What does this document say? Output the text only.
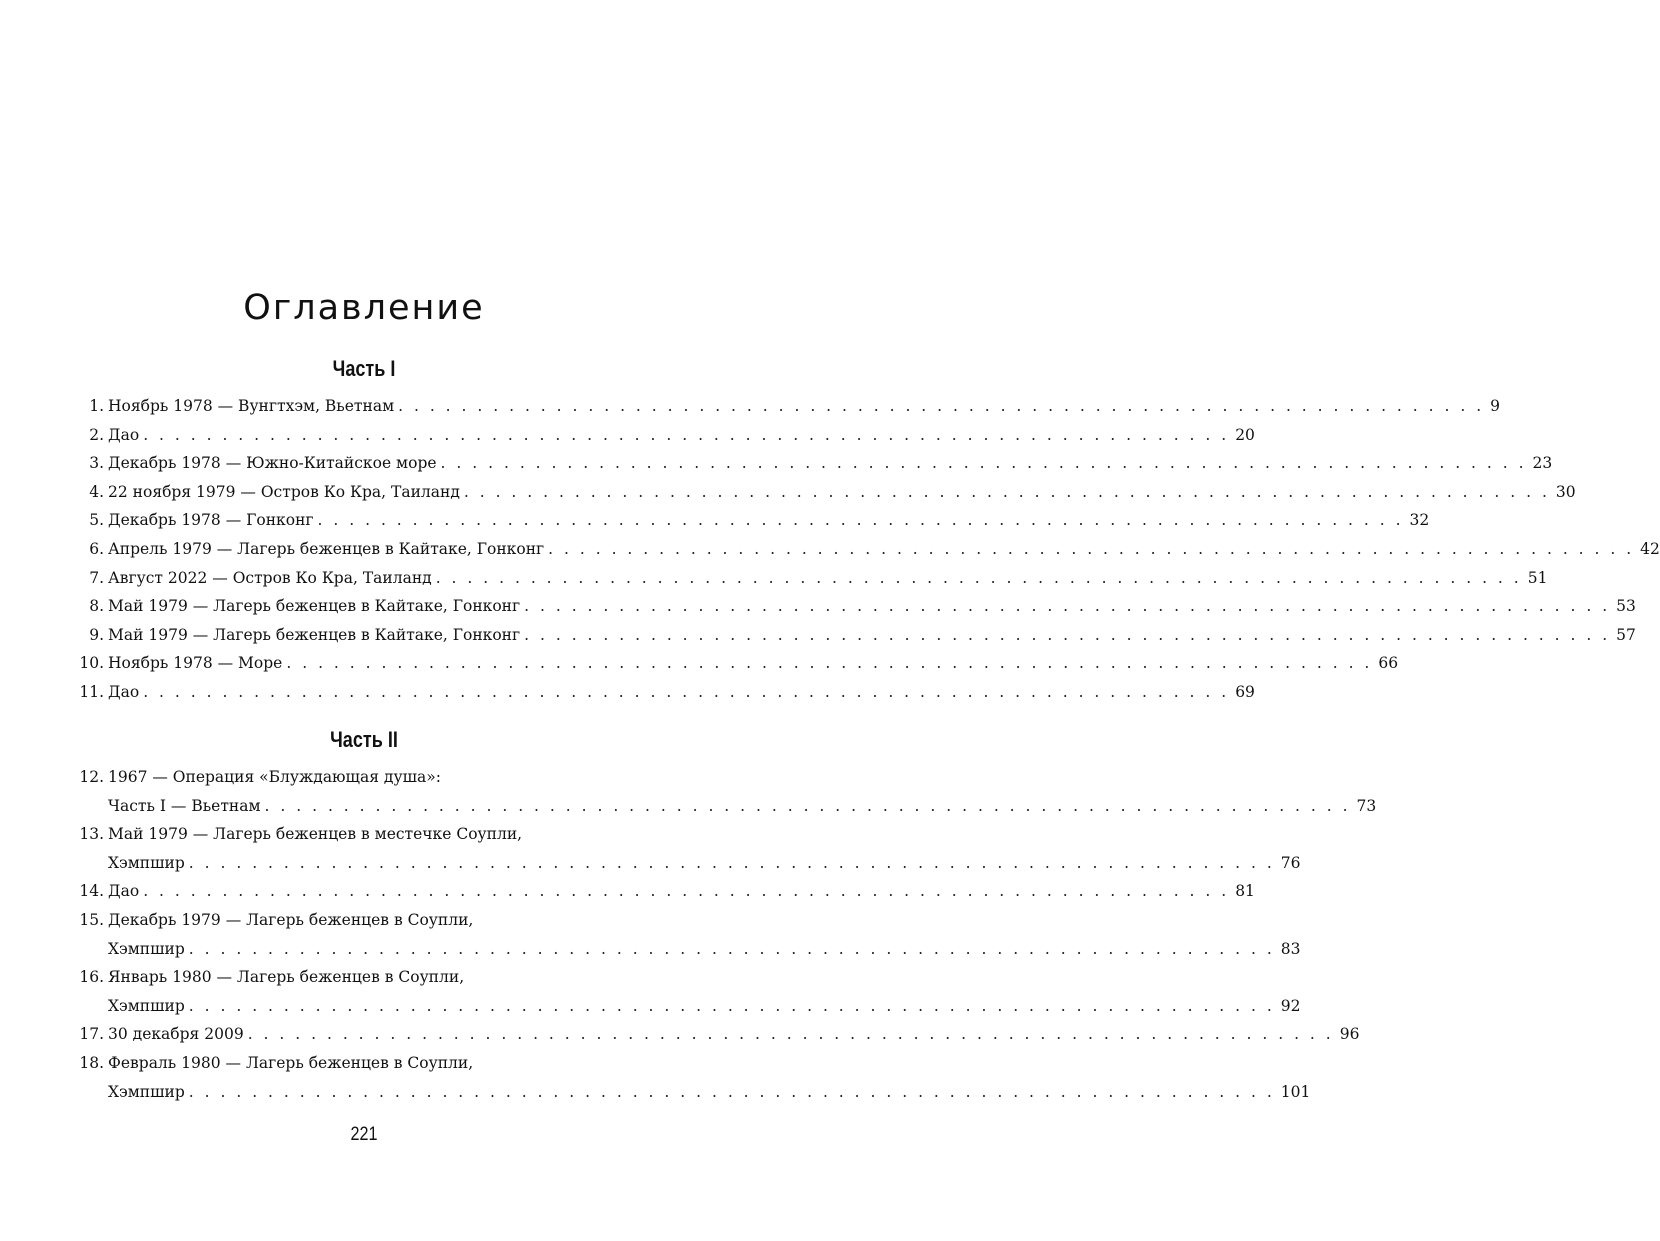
Оглавление
Часть I
1. Ноябрь 1978 — Вунгтхэм, Вьетнам . . . . . . . . . . . . . . . . . . . . . . . . . . . . . . . . . . . . . . . . . . . . . . . . . . . . . . . . . . . . . . . . . . . . . 9
2. Дао . . . . . . . . . . . . . . . . . . . . . . . . . . . . . . . . . . . . . . . . . . . . . . . . . . . . . . . . . . . . . . . . . . . . . 20
3. Декабрь 1978 — Южно-Китайское море . . . . . . . . . . . . . . . . . . . . . . . . . . . . . . . . . . . . . . . . . . . . . . . . . . . . . . . . . . . . . . . . . . . . . 23
4. 22 ноября 1979 — Остров Ко Кра, Таиланд . . . . . . . . . . . . . . . . . . . . . . . . . . . . . . . . . . . . . . . . . . . . . . . . . . . . . . . . . . . . . . . . . . . . . 30
5. Декабрь 1978 — Гонконг . . . . . . . . . . . . . . . . . . . . . . . . . . . . . . . . . . . . . . . . . . . . . . . . . . . . . . . . . . . . . . . . . . . . . 32
6. Апрель 1979 — Лагерь беженцев в Кайтаке, Гонконг . . . . . . . . . . . . . . . . . . . . . . . . . . . . . . . . . . . . . . . . . . . . . . . . . . . . . . . . . . . . . . . . . . . . . 42
7. Август 2022 — Остров Ко Кра, Таиланд . . . . . . . . . . . . . . . . . . . . . . . . . . . . . . . . . . . . . . . . . . . . . . . . . . . . . . . . . . . . . . . . . . . . . 51
8. Май 1979 — Лагерь беженцев в Кайтаке, Гонконг . . . . . . . . . . . . . . . . . . . . . . . . . . . . . . . . . . . . . . . . . . . . . . . . . . . . . . . . . . . . . . . . . . . . . 53
9. Май 1979 — Лагерь беженцев в Кайтаке, Гонконг . . . . . . . . . . . . . . . . . . . . . . . . . . . . . . . . . . . . . . . . . . . . . . . . . . . . . . . . . . . . . . . . . . . . . 57
10. Ноябрь 1978 — Море . . . . . . . . . . . . . . . . . . . . . . . . . . . . . . . . . . . . . . . . . . . . . . . . . . . . . . . . . . . . . . . . . . . . . 66
11. Дао . . . . . . . . . . . . . . . . . . . . . . . . . . . . . . . . . . . . . . . . . . . . . . . . . . . . . . . . . . . . . . . . . . . . . 69
Часть II
12. 1967 — Операция «Блуждающая душа»:
Часть I — Вьетнам . . . . . . . . . . . . . . . . . . . . . . . . . . . . . . . . . . . . . . . . . . . . . . . . . . . . . . . . . . . . . . . . . . . . . 73
13. Май 1979 — Лагерь беженцев в местечке Соупли,
Хэмпшир . . . . . . . . . . . . . . . . . . . . . . . . . . . . . . . . . . . . . . . . . . . . . . . . . . . . . . . . . . . . . . . . . . . . . 76
14. Дао . . . . . . . . . . . . . . . . . . . . . . . . . . . . . . . . . . . . . . . . . . . . . . . . . . . . . . . . . . . . . . . . . . . . . 81
15. Декабрь 1979 — Лагерь беженцев в Соупли,
Хэмпшир . . . . . . . . . . . . . . . . . . . . . . . . . . . . . . . . . . . . . . . . . . . . . . . . . . . . . . . . . . . . . . . . . . . . . 83
16. Январь 1980 — Лагерь беженцев в Соупли,
Хэмпшир . . . . . . . . . . . . . . . . . . . . . . . . . . . . . . . . . . . . . . . . . . . . . . . . . . . . . . . . . . . . . . . . . . . . . 92
17. 30 декабря 2009 . . . . . . . . . . . . . . . . . . . . . . . . . . . . . . . . . . . . . . . . . . . . . . . . . . . . . . . . . . . . . . . . . . . . . 96
18. Февраль 1980 — Лагерь беженцев в Соупли,
Хэмпшир . . . . . . . . . . . . . . . . . . . . . . . . . . . . . . . . . . . . . . . . . . . . . . . . . . . . . . . . . . . . . . . . . . . . . 101
221
